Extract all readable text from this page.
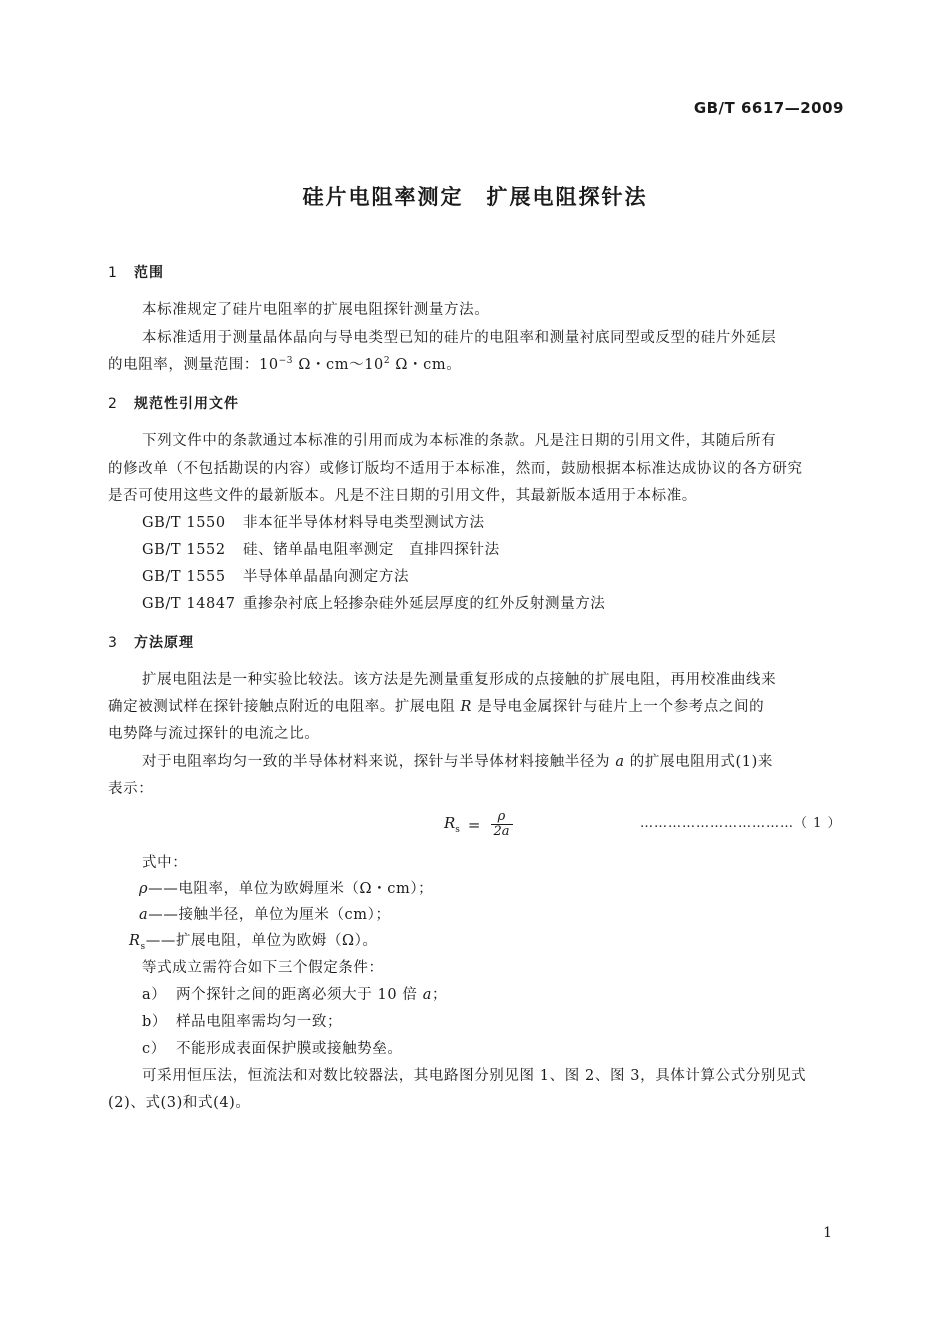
GB/T 6617—2009
硅片电阻率测定　扩展电阻探针法
1 范围
本标准规定了硅片电阻率的扩展电阻探针测量方法。
本标准适用于测量晶体晶向与导电类型已知的硅片的电阻率和测量衬底同型或反型的硅片外延层
的电阻率，测量范围：$10^{-3}$ Ω・$cm\sim 10^2$ Ω・cm。
2 规范性引用文件
下列文件中的条款通过本标准的引用而成为本标准的条款。凡是注日期的引用文件，其随后所有
的修改单（不包括勘误的内容）或修订版均不适用于本标准，然而，鼓励根据本标准达成协议的各方研究
是否可使用这些文件的最新版本。凡是不注日期的引用文件，其最新版本适用于本标准。
GB/T 1550 非本征半导体材料导电类型测试方法
GB/T 1552 硅、锗单晶电阻率测定　直排四探针法
GB/T 1555 半导体单晶晶向测定方法
GB/T 14847 重掺杂衬底上轻掺杂硅外延层厚度的红外反射测量方法
3 方法原理
扩展电阻法是一种实验比较法。该方法是先测量重复形成的点接触的扩展电阻，再用校准曲线来
确定被测试样在探针接触点附近的电阻率。扩展电阻 R 是导电金属探针与硅片上一个参考点之间的
电势降与流过探针的电流之比。
对于电阻率均匀一致的半导体材料来说，探针与半导体材料接触半径为 a 的扩展电阻用式(1)来
表示：
$R_s = \frac{\rho}{2a}$	……………………………（ 1 ）
式中：
ρ——电阻率，单位为欧姆厘米（Ω・cm）；
a——接触半径，单位为厘米（cm）；
$R_s——$扩展电阻，单位为欧姆（Ω）。
等式成立需符合如下三个假定条件：
a） 两个探针之间的距离必须大于 10 倍 a；
b） 样品电阻率需均匀一致；
c） 不能形成表面保护膜或接触势垒。
可采用恒压法，恒流法和对数比较器法，其电路图分别见图 1、图 2、图 3，具体计算公式分别见式
(2)、式(3)和式(4)。
1
